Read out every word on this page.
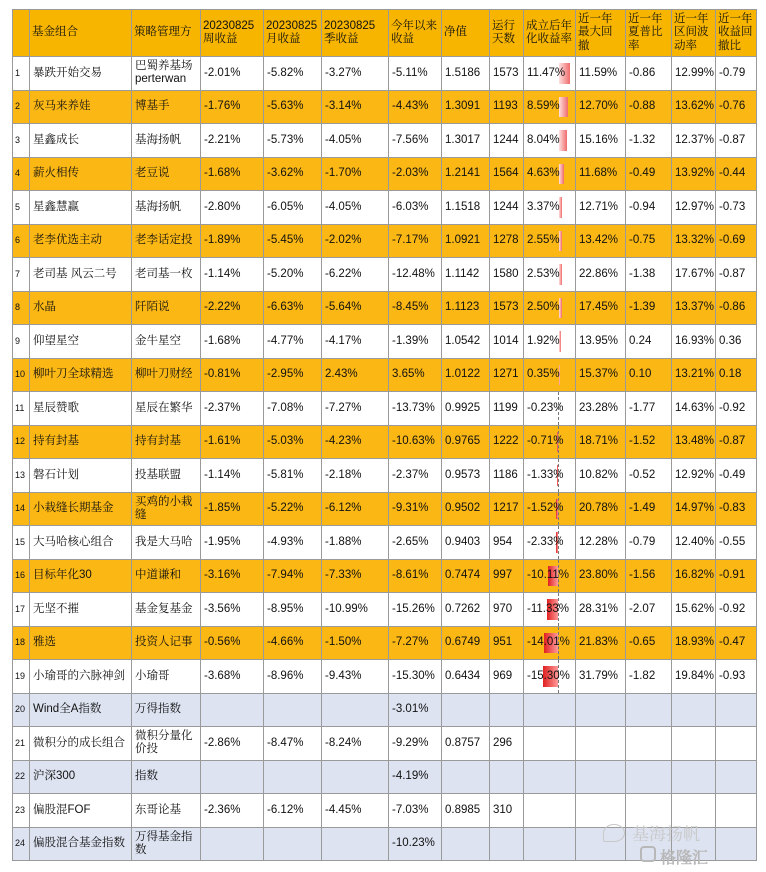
	基金组合	策略管理方	20230825周收益	20230825月收益	20230825季收益	今年以来收益	净值	运行天数	成立后年化收益率	近一年最大回撤	近一年夏普比率	近一年区间波动率	近一年收益回撤比
1	暴跌开始交易	巴蜀养基场 perterwan	-2.01%	-5.82%	-3.27%	-5.11%	1.5186	1573	11.47%	11.59%	-0.86	12.99%	-0.79
2	灰马来养娃	博基手	-1.76%	-5.63%	-3.14%	-4.43%	1.3091	1193	8.59%	12.70%	-0.88	13.62%	-0.76
3	星鑫成长	基海扬帆	-2.21%	-5.73%	-4.05%	-7.56%	1.3017	1244	8.04%	15.16%	-1.32	12.37%	-0.87
4	薪火相传	老豆说	-1.68%	-3.62%	-1.70%	-2.03%	1.2141	1564	4.63%	11.68%	-0.49	13.92%	-0.44
5	星鑫慧赢	基海扬帆	-2.80%	-6.05%	-4.05%	-6.03%	1.1518	1244	3.37%	12.71%	-0.94	12.97%	-0.73
6	老李优选主动	老李话定投	-1.89%	-5.45%	-2.02%	-7.17%	1.0921	1278	2.55%	13.42%	-0.75	13.32%	-0.69
7	老司基 风云二号	老司基一枚	-1.14%	-5.20%	-6.22%	-12.48%	1.1142	1580	2.53%	22.86%	-1.38	17.67%	-0.87
8	水晶	阡陌说	-2.22%	-6.63%	-5.64%	-8.45%	1.1123	1573	2.50%	17.45%	-1.39	13.37%	-0.86
9	仰望星空	金牛星空	-1.68%	-4.77%	-4.17%	-1.39%	1.0542	1014	1.92%	13.95%	0.24	16.93%	0.36
10	柳叶刀全球精选	柳叶刀财经	-0.81%	-2.95%	2.43%	3.65%	1.0122	1271	0.35%	15.37%	0.10	13.21%	0.18
11	星辰赞歌	星辰在繁华	-2.37%	-7.08%	-7.27%	-13.73%	0.9925	1199	-0.23%	23.28%	-1.77	14.63%	-0.92
12	持有封基	持有封基	-1.61%	-5.03%	-4.23%	-10.63%	0.9765	1222	-0.71%	18.71%	-1.52	13.48%	-0.87
13	磐石计划	投基联盟	-1.14%	-5.81%	-2.18%	-2.37%	0.9573	1186	-1.33%	10.82%	-0.52	12.92%	-0.49
14	小栽缝长期基金	买鸡的小栽缝	-1.85%	-5.22%	-6.12%	-9.31%	0.9502	1217	-1.52%	20.78%	-1.49	14.97%	-0.83
15	大马哈核心组合	我是大马哈	-1.95%	-4.93%	-1.88%	-2.65%	0.9403	954	-2.33%	12.28%	-0.79	12.40%	-0.55
16	目标年化30	中道谦和	-3.16%	-7.94%	-7.33%	-8.61%	0.7474	997	-10.11%	23.80%	-1.56	16.82%	-0.91
17	无坚不摧	基金复基金	-3.56%	-8.95%	-10.99%	-15.26%	0.7262	970	-11.33%	28.31%	-2.07	15.62%	-0.92
18	雅选	投资人记事	-0.56%	-4.66%	-1.50%	-7.27%	0.6749	951	-14.01%	21.83%	-0.65	18.93%	-0.47
19	小瑜哥的六脉神剑	小瑜哥	-3.68%	-8.96%	-9.43%	-15.30%	0.6434	969	-15.30%	31.79%	-1.82	19.84%	-0.93
20	Wind全A指数	万得指数				-3.01%							
21	微积分的成长组合	微积分量化价投	-2.86%	-8.47%	-8.24%	-9.29%	0.8757	296					
22	沪深300	指数				-4.19%							
23	偏股混FOF	东哥论基	-2.36%	-6.12%	-4.45%	-7.03%	0.8985	310					
24	偏股混合基金指数	万得基金指数				-10.23%								基海扬帆
格隆汇
